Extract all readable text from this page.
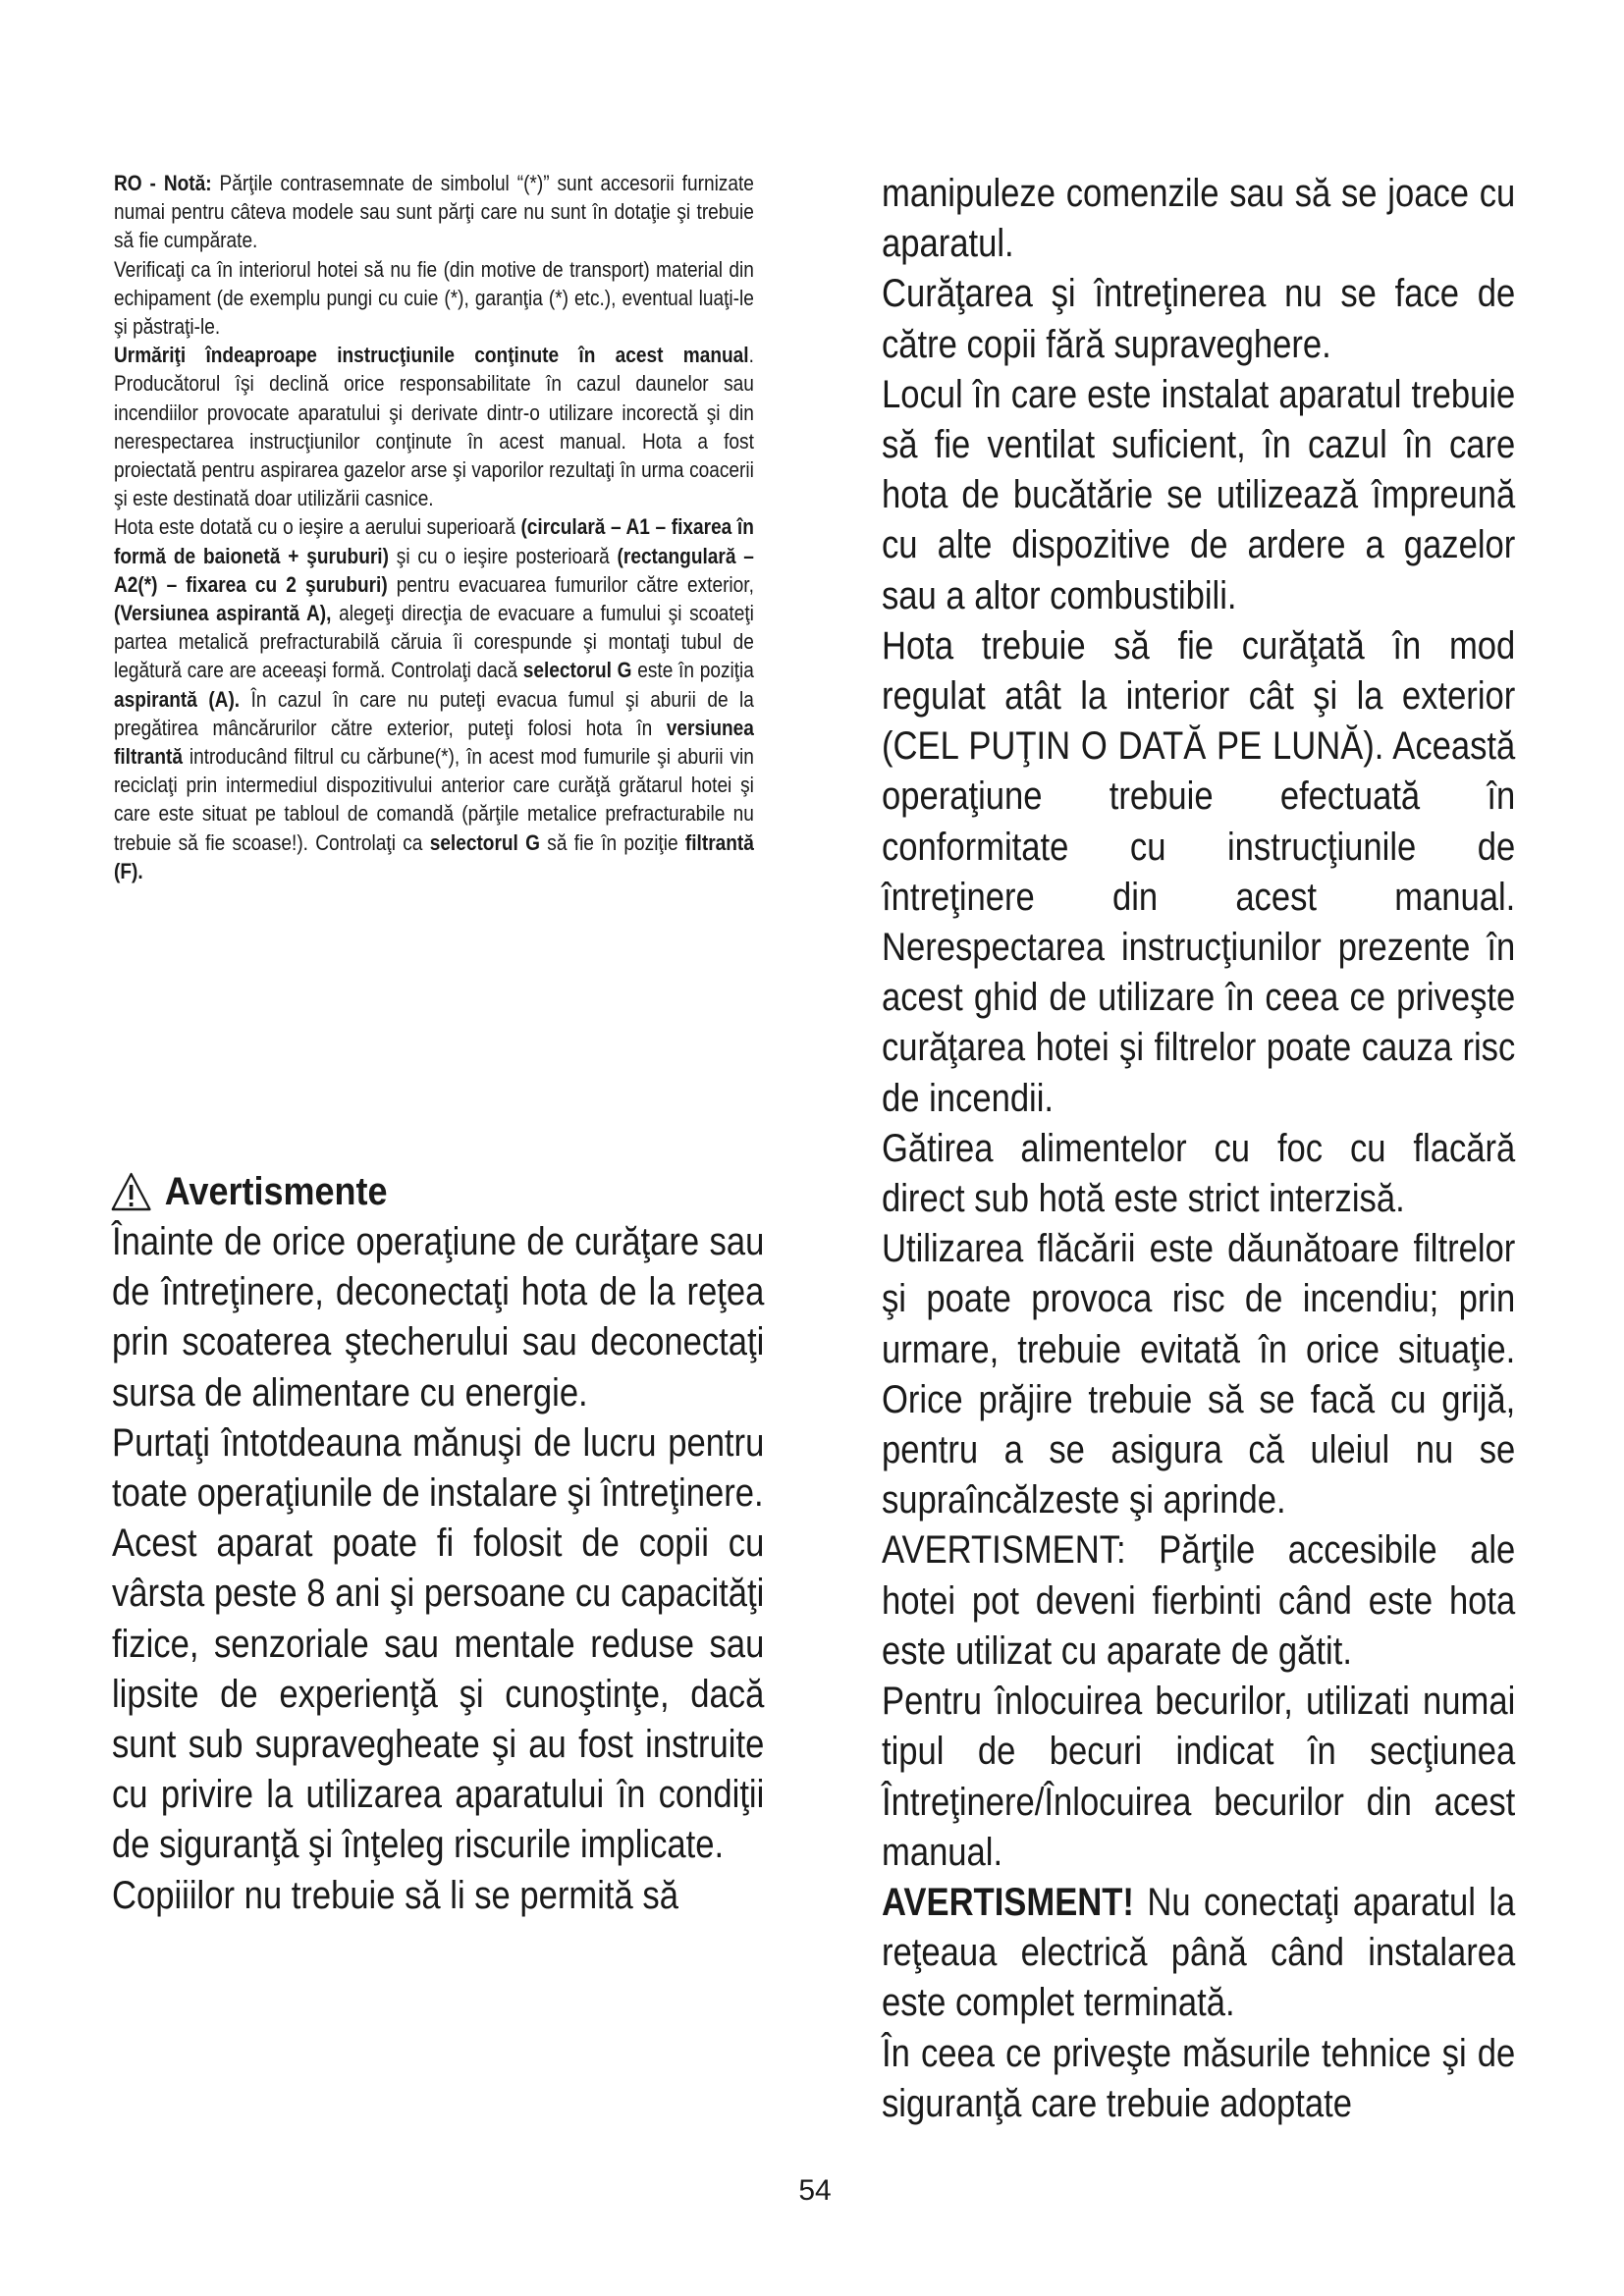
RO - Notă: Părţile contrasemnate de simbolul “(*)” sunt accesorii furnizate numai pentru câteva modele sau sunt părţi care nu sunt în dotaţie şi trebuie să fie cumpărate.

Verificaţi ca în interiorul hotei să nu fie (din motive de transport) material din echipament (de exemplu pungi cu cuie (*), garanţia (*) etc.), eventual luaţi-le şi păstraţi-le.

Urmăriţi îndeaproape instrucţiunile conţinute în acest manual. Producătorul îşi declină orice responsabilitate în cazul daunelor sau incendiilor provocate aparatului şi derivate dintr-o utilizare incorectă şi din nerespectarea instrucţiunilor conţinute în acest manual. Hota a fost proiectată pentru aspirarea gazelor arse şi vaporilor rezultaţi în urma coacerii şi este destinată doar utilizării casnice.

Hota este dotată cu o ieşire a aerului superioară (circulară – A1 – fixarea în formă de baionetă + şuruburi) şi cu o ieşire posterioară (rectangulară – A2(*) – fixarea cu 2 şuruburi) pentru evacuarea fumurilor către exterior, (Versiunea aspirantă A), alegeţi direcţia de evacuare a fumului şi scoateţi partea metalică prefracturabilă căruia îi corespunde şi montaţi tubul de legătură care are aceeaşi formă. Controlaţi dacă selectorul G este în poziţia aspirantă (A). În cazul în care nu puteţi evacua fumul şi aburii de la pregătirea mâncărurilor către exterior, puteţi folosi hota în versiunea filtrantă introducând filtrul cu cărbune(*), în acest mod fumurile şi aburii vin reciclaţi prin intermediul dispozitivului anterior care curăţă grătarul hotei şi care este situat pe tabloul de comandă (părţile metalice prefracturabile nu trebuie să fie scoase!). Controlaţi ca selectorul G să fie în poziţie filtrantă (F).

Avertismente

Înainte de orice operaţiune de curăţare sau de întreţinere, deconectaţi hota de la reţea prin scoaterea ştecherului sau deconectaţi sursa de alimentare cu energie.

Purtaţi întotdeauna mănuşi de lucru pentru toate operaţiunile de instalare şi întreţinere.

Acest aparat poate fi folosit de copii cu vârsta peste 8 ani şi persoane cu capacităţi fizice, senzoriale sau mentale reduse sau lipsite de experienţă şi cunoştinţe, dacă sunt sub supravegheate şi au fost instruite cu privire la utilizarea aparatului în condiţii de siguranţă şi înţeleg riscurile implicate.

Copiiilor nu trebuie să li se permită să

manipuleze comenzile sau să se joace cu aparatul.

Curăţarea şi întreţinerea nu se face de către copii fără supraveghere.

Locul în care este instalat aparatul trebuie să fie ventilat suficient, în cazul în care hota de bucătărie se utilizează împreună cu alte dispozitive de ardere a gazelor sau a altor combustibili.

Hota trebuie să fie curăţată în mod regulat atât la interior cât şi la exterior (CEL PUŢIN O DATĂ PE LUNĂ). Această operaţiune trebuie efectuată în conformitate cu instrucţiunile de întreţinere din acest manual. Nerespectarea instrucţiunilor prezente în acest ghid de utilizare în ceea ce priveşte curăţarea hotei şi filtrelor poate cauza risc de incendii.

Gătirea alimentelor cu foc cu flacără direct sub hotă este strict interzisă.

Utilizarea flăcării este dăunătoare filtrelor şi poate provoca risc de incendiu; prin urmare, trebuie evitată în orice situaţie. Orice prăjire trebuie să se facă cu grijă, pentru a se asigura că uleiul nu se supraîncălzeste şi aprinde.

AVERTISMENT: Părţile accesibile ale hotei pot deveni fierbinti când este hota este utilizat cu aparate de gătit.

Pentru înlocuirea becurilor, utilizati numai tipul de becuri indicat în secţiunea Întreţinere/Înlocuirea becurilor din acest manual.

AVERTISMENT! Nu conectaţi aparatul la reţeaua electrică până când instalarea este complet terminată.

În ceea ce priveşte măsurile tehnice şi de siguranţă care trebuie adoptate

54
